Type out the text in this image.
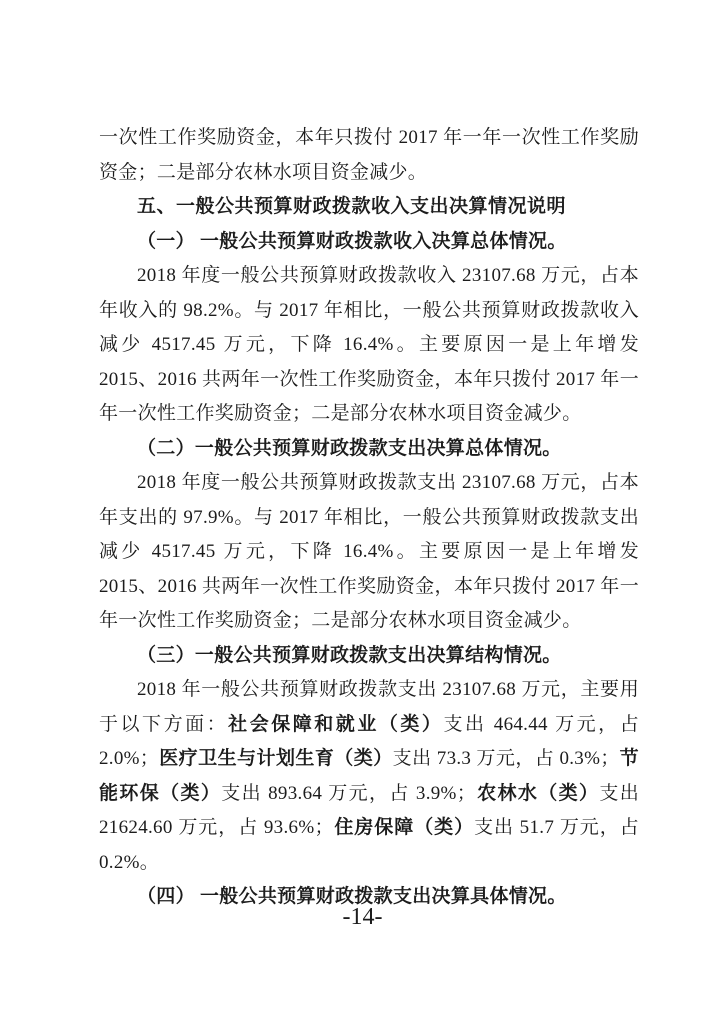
一次性工作奖励资金，本年只拨付 2017 年一年一次性工作奖励资金；二是部分农林水项目资金减少。

五、一般公共预算财政拨款收入支出决算情况说明

（一） 一般公共预算财政拨款收入决算总体情况。

2018 年度一般公共预算财政拨款收入 23107.68 万元，占本年收入的 98.2%。与 2017 年相比，一般公共预算财政拨款收入减少 4517.45 万元，下降 16.4%。主要原因一是上年增发 2015、2016 共两年一次性工作奖励资金，本年只拨付 2017 年一年一次性工作奖励资金；二是部分农林水项目资金减少。

（二）一般公共预算财政拨款支出决算总体情况。

2018 年度一般公共预算财政拨款支出 23107.68 万元，占本年支出的 97.9%。与 2017 年相比，一般公共预算财政拨款支出减少 4517.45 万元，下降 16.4%。主要原因一是上年增发 2015、2016 共两年一次性工作奖励资金，本年只拨付 2017 年一年一次性工作奖励资金；二是部分农林水项目资金减少。

（三）一般公共预算财政拨款支出决算结构情况。

2018 年一般公共预算财政拨款支出 23107.68 万元，主要用于以下方面：社会保障和就业（类）支出 464.44 万元，占 2.0%；医疗卫生与计划生育（类）支出 73.3 万元，占 0.3%；节能环保（类）支出 893.64 万元，占 3.9%；农林水（类）支出 21624.60 万元，占 93.6%；住房保障（类）支出 51.7 万元，占 0.2%。

（四） 一般公共预算财政拨款支出决算具体情况。

-14-
